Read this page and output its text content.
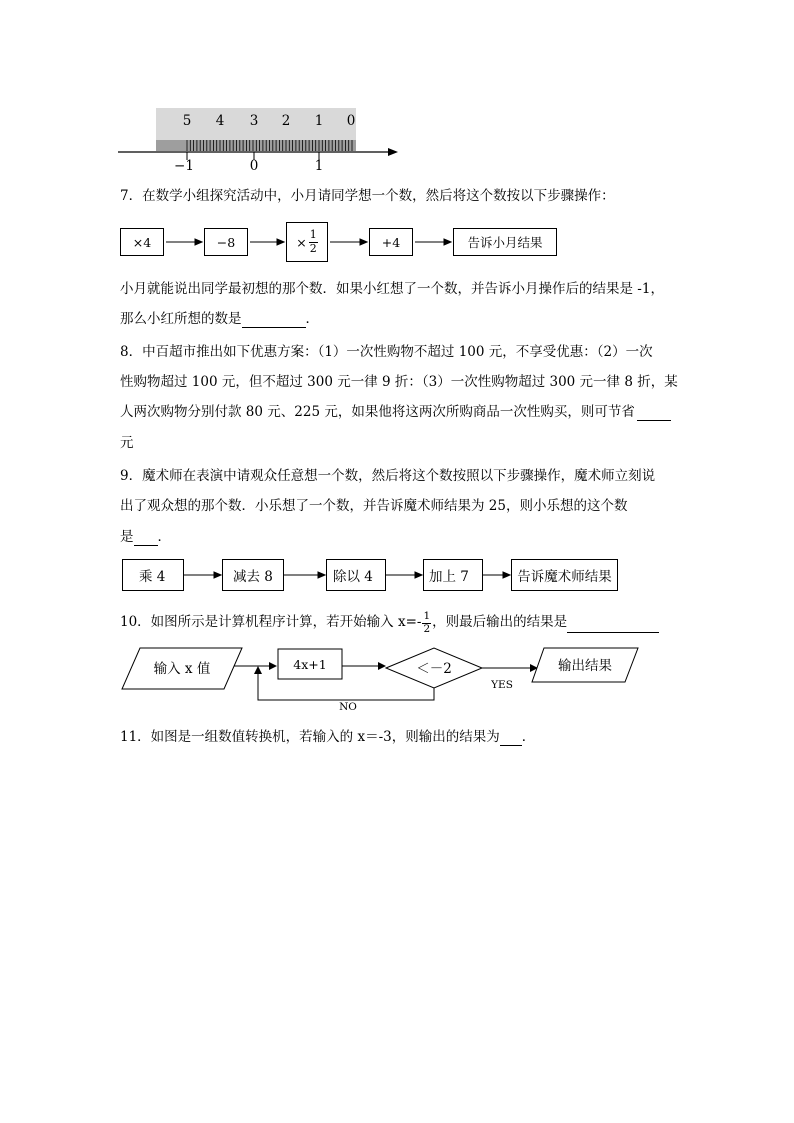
5 4 3 2 1 0
−1	0	1
7．在数学小组探究活动中，小月请同学想一个数，然后将这个数按以下步骤操作：
×4	−8	× $\frac{1}{2}$	+4	告诉小月结果
小月就能说出同学最初想的那个数．如果小红想了一个数，并告诉小月操作后的结果是 -1，
那么小红所想的数是	．
8．中百超市推出如下优惠方案：（1）一次性购物不超过 100 元，不享受优惠：（2）一次
性购物超过 100 元，但不超过 300 元一律 9 折：（3）一次性购物超过 300 元一律 8 折，某
人两次购物分别付款 80 元、225 元，如果他将这两次所购商品一次性购买，则可节省
元
9．魔术师在表演中请观众任意想一个数，然后将这个数按照以下步骤操作，魔术师立刻说
出了观众想的那个数．小乐想了一个数，并告诉魔术师结果为 25，则小乐想的这个数
是 ．
乘 4	减去 8	除以 4	加上 7	告诉魔术师结果
10．如图所示是计算机程序计算，若开始输入 $x=- \frac{1}{2}$ ，则最后输出的结果是

输入 x 值	4x+1	＜－2
YES
输出结果
NO
11．如图是一组数值转换机，若输入的 x＝-3，则输出的结果为 ．
